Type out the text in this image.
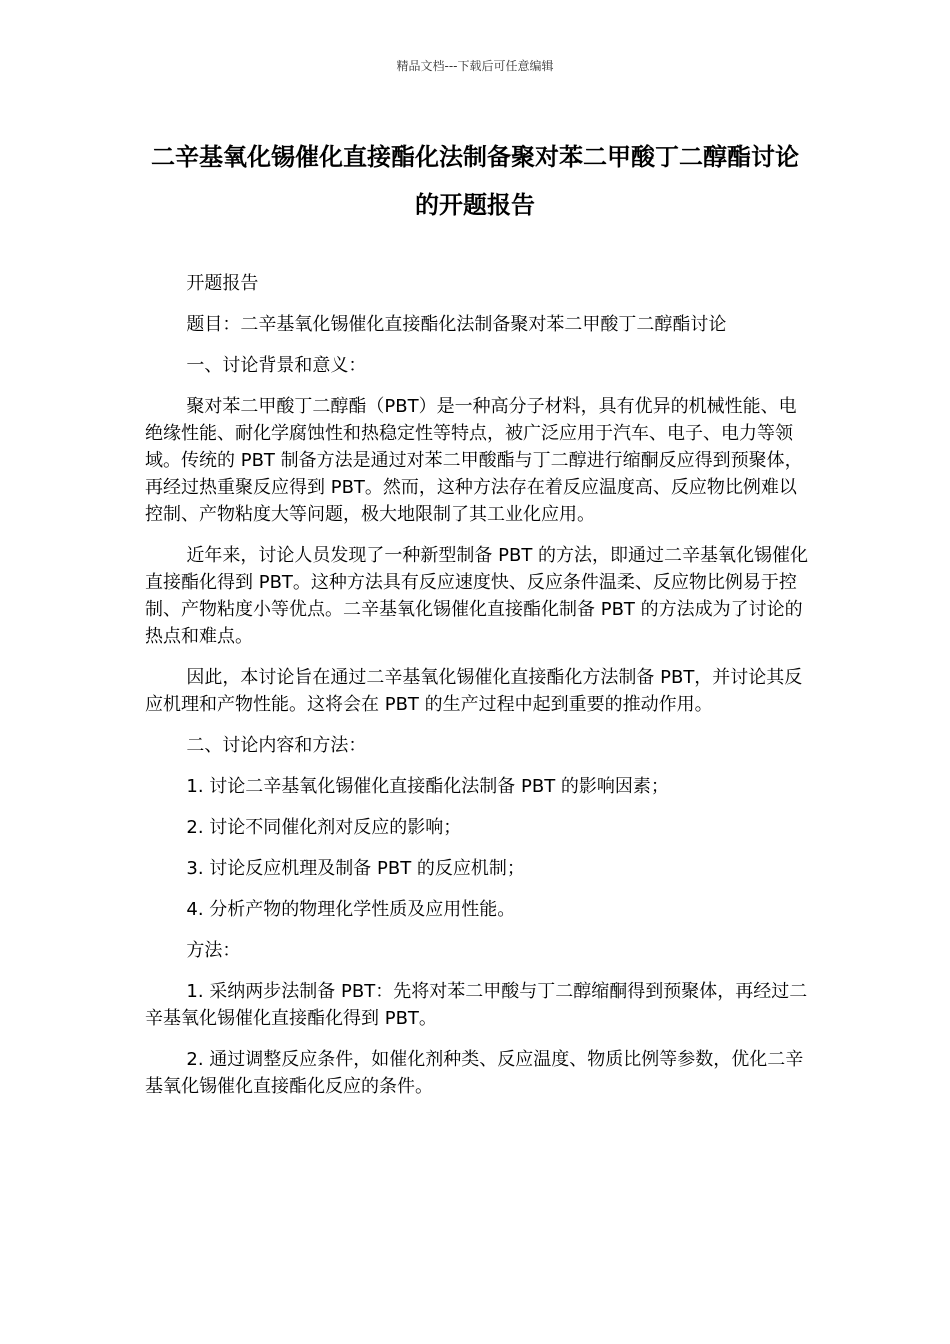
精品文档---下载后可任意编辑
二辛基氧化锡催化直接酯化法制备聚对苯二甲酸丁二醇酯讨论的开题报告

开题报告

题目：二辛基氧化锡催化直接酯化法制备聚对苯二甲酸丁二醇酯讨论

一、讨论背景和意义：

聚对苯二甲酸丁二醇酯（PBT）是一种高分子材料，具有优异的机械性能、电绝缘性能、耐化学腐蚀性和热稳定性等特点，被广泛应用于汽车、电子、电力等领域。传统的 PBT 制备方法是通过对苯二甲酸酯与丁二醇进行缩酮反应得到预聚体，再经过热重聚反应得到 PBT。然而，这种方法存在着反应温度高、反应物比例难以控制、产物粘度大等问题，极大地限制了其工业化应用。

近年来，讨论人员发现了一种新型制备 PBT 的方法，即通过二辛基氧化锡催化直接酯化得到 PBT。这种方法具有反应速度快、反应条件温柔、反应物比例易于控制、产物粘度小等优点。二辛基氧化锡催化直接酯化制备 PBT 的方法成为了讨论的热点和难点。

因此，本讨论旨在通过二辛基氧化锡催化直接酯化方法制备 PBT，并讨论其反应机理和产物性能。这将会在 PBT 的生产过程中起到重要的推动作用。

二、讨论内容和方法：

1. 讨论二辛基氧化锡催化直接酯化法制备 PBT 的影响因素；

2. 讨论不同催化剂对反应的影响；

3. 讨论反应机理及制备 PBT 的反应机制；

4. 分析产物的物理化学性质及应用性能。

方法：

1. 采纳两步法制备 PBT：先将对苯二甲酸与丁二醇缩酮得到预聚体，再经过二辛基氧化锡催化直接酯化得到 PBT。

2. 通过调整反应条件，如催化剂种类、反应温度、物质比例等参数，优化二辛基氧化锡催化直接酯化反应的条件。
